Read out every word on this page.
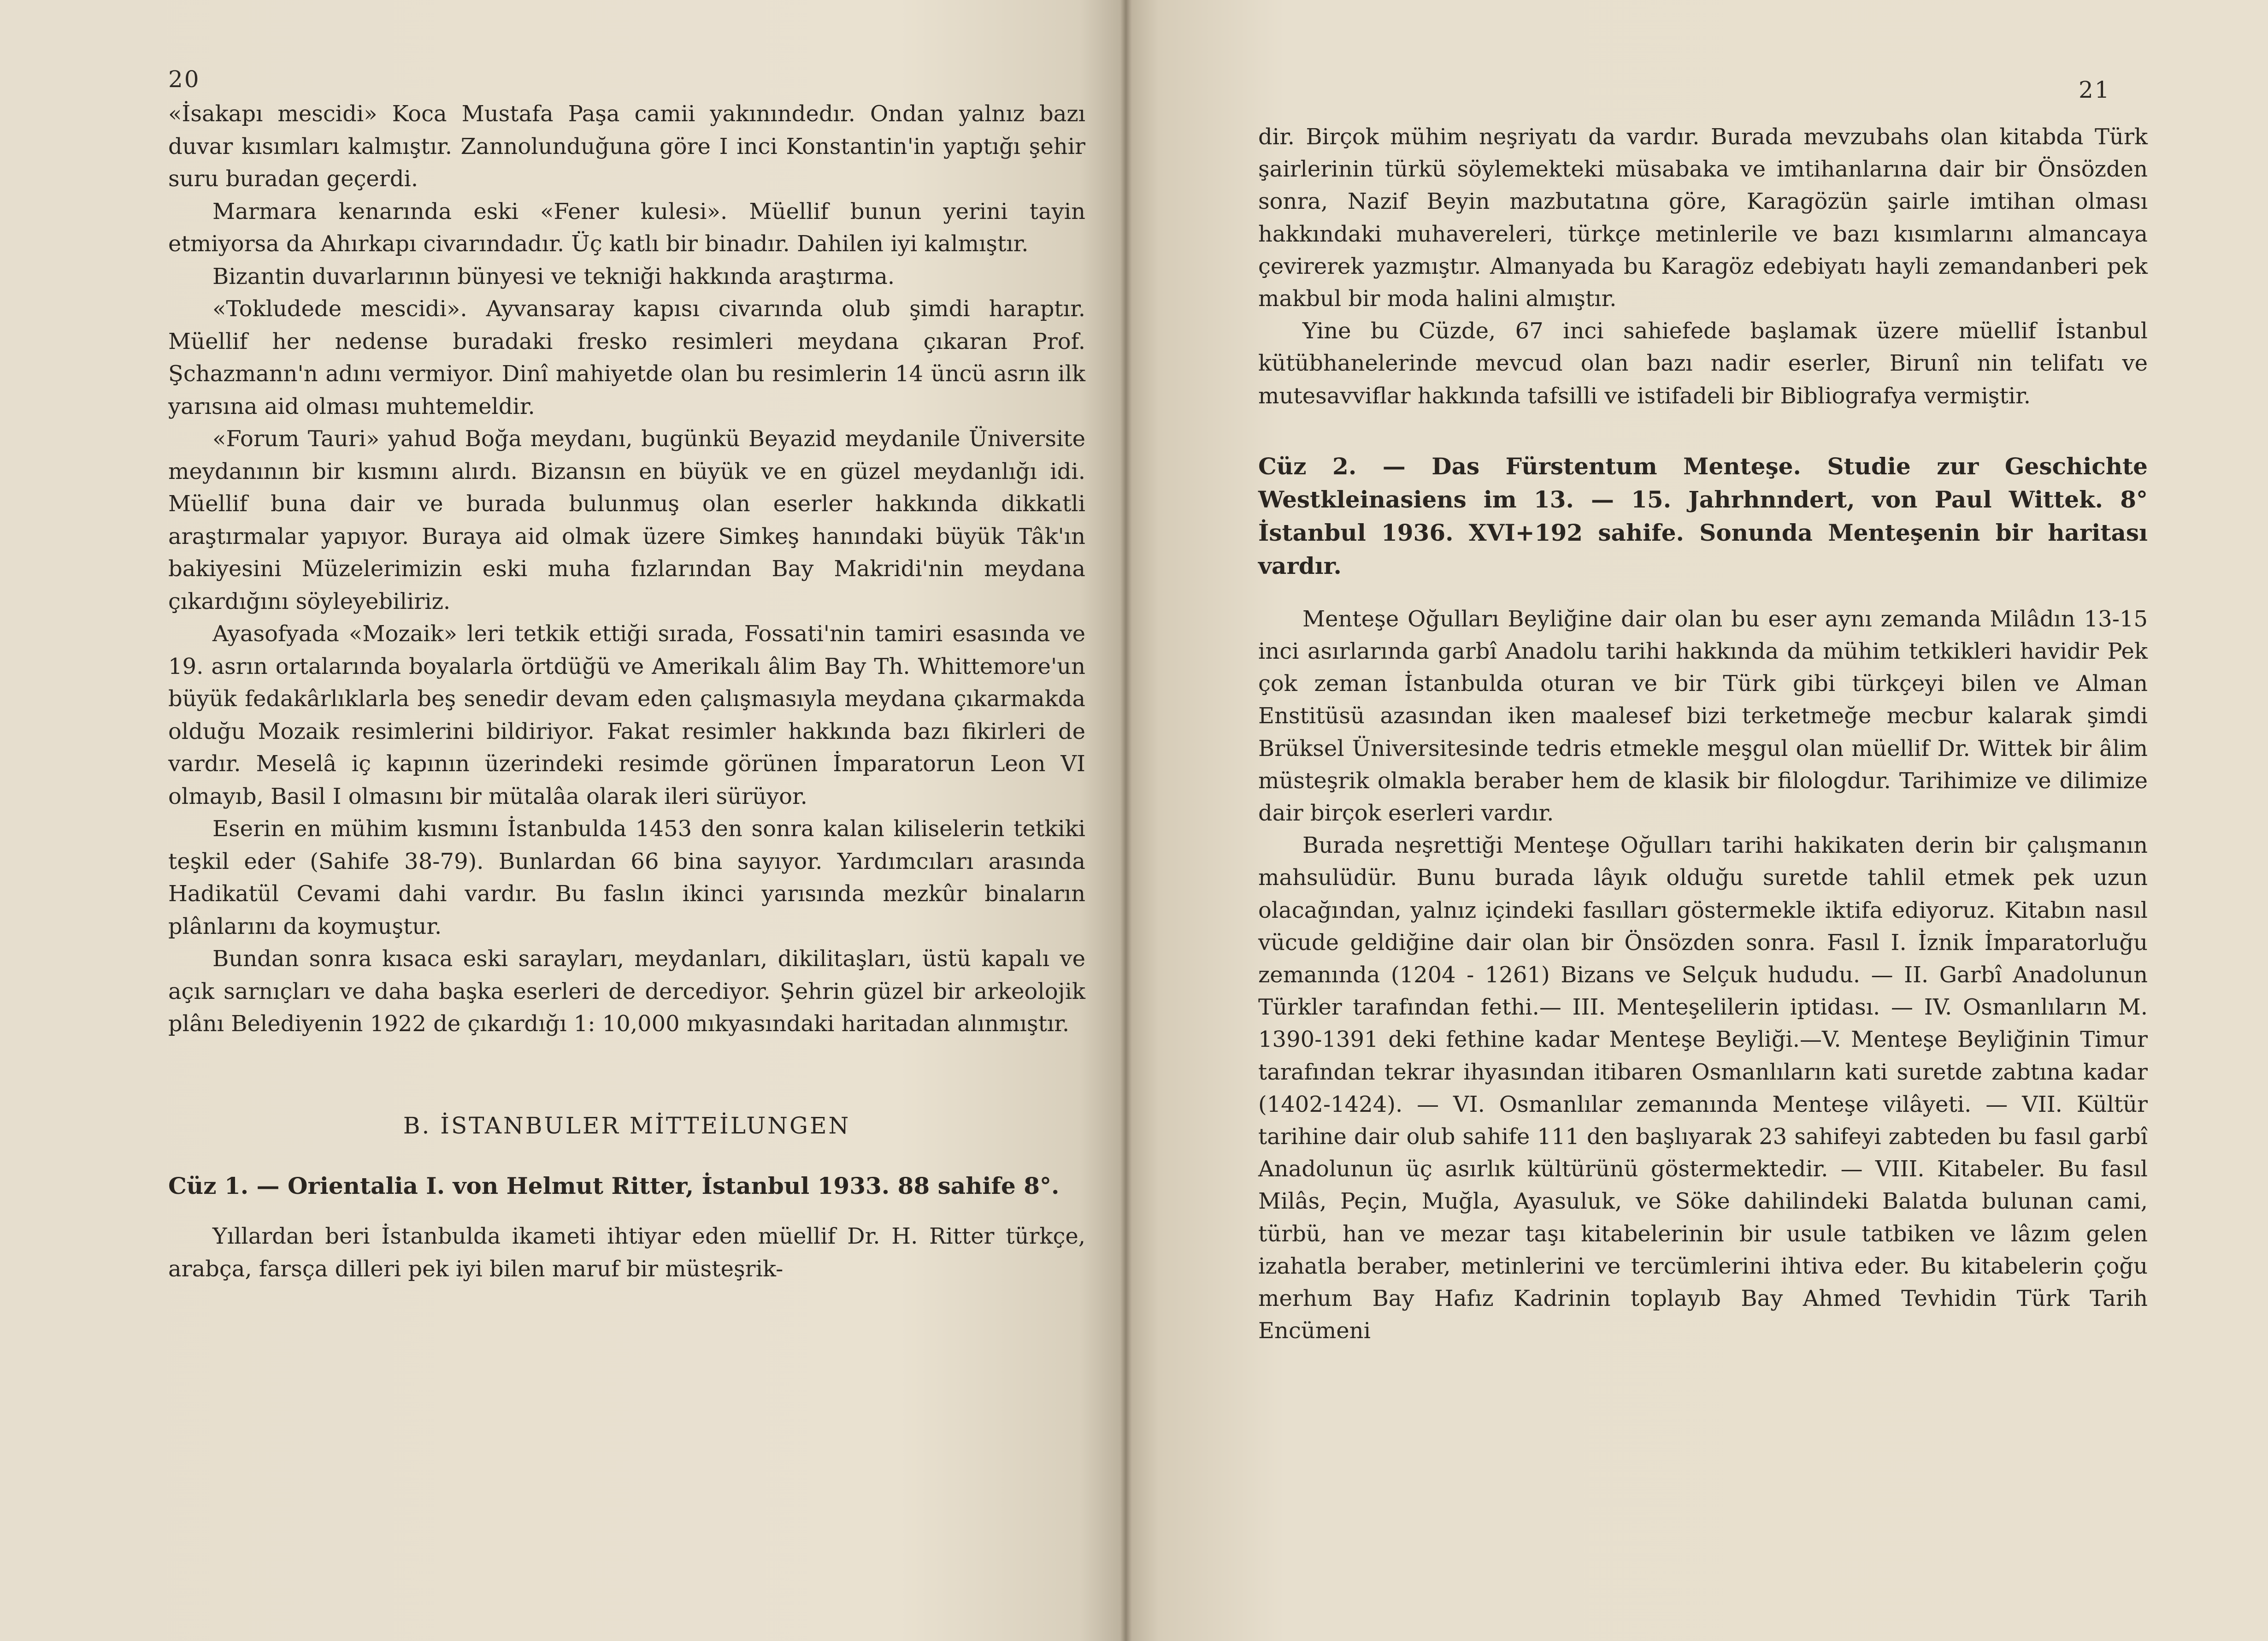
20

«İsakapı mescidi» Koca Mustafa Paşa camii yakınındedır. Ondan yalnız bazı duvar kısımları kalmıştır. Zannolunduğuna göre I inci Konstantin'in yaptığı şehir suru buradan geçerdi.

Marmara kenarında eski «Fener kulesi». Müellif bunun yerini tayin etmiyorsa da Ahırkapı civarındadır. Üç katlı bir binadır. Dahilen iyi kalmıştır.

Bizantin duvarlarının bünyesi ve tekniği hakkında araştırma.

«Tokludede mescidi». Ayvansaray kapısı civarında olub şimdi haraptır. Müellif her nedense buradaki fresko resimleri meydana çıkaran Prof. Şchazmann'n adını vermiyor. Dinî mahiyetde olan bu resimlerin 14 üncü asrın ilk yarısına aid olması muhtemeldir.

«Forum Tauri» yahud Boğa meydanı, bugünkü Beyazid meydanile Üniversite meydanının bir kısmını alırdı. Bizansın en büyük ve en güzel meydanlığı idi. Müellif buna dair ve burada bulunmuş olan eserler hakkında dikkatli araştırmalar yapıyor. Buraya aid olmak üzere Simkeş hanındaki büyük Tâk'ın bakiyesini Müzelerimizin eski muha fızlarından Bay Makridi'nin meydana çıkardığını söyleyebiliriz.

Ayasofyada «Mozaik» leri tetkik ettiği sırada, Fossati'nin tamiri esasında ve 19. asrın ortalarında boyalarla örtdüğü ve Amerikalı âlim Bay Th. Whittemore'un büyük fedakârlıklarla beş senedir devam eden çalışmasıyla meydana çıkarmakda olduğu Mozaik resimlerini bildiriyor. Fakat resimler hakkında bazı fikirleri de vardır. Meselâ iç kapının üzerindeki resimde görünen İmparatorun Leon VI olmayıb, Basil I olmasını bir mütalâa olarak ileri sürüyor.

Eserin en mühim kısmını İstanbulda 1453 den sonra kalan kiliselerin tetkiki teşkil eder (Sahife 38-79). Bunlardan 66 bina sayıyor. Yardımcıları arasında Hadikatül Cevami dahi vardır. Bu faslın ikinci yarısında mezkûr binaların plânlarını da koymuştur.

Bundan sonra kısaca eski sarayları, meydanları, dikilitaşları, üstü kapalı ve açık sarnıçları ve daha başka eserleri de dercediyor. Şehrin güzel bir arkeolojik plânı Belediyenin 1922 de çıkardığı 1: 10,000 mıkyasındaki haritadan alınmıştır.

B. İSTANBULER MİTTEİLUNGEN

Cüz 1. — Orientalia I. von Helmut Ritter, İstanbul 1933. 88 sahife 8°.

Yıllardan beri İstanbulda ikameti ihtiyar eden müellif Dr. H. Ritter türkçe, arabça, farsça dilleri pek iyi bilen maruf bir müsteşrik-

21

dir. Birçok mühim neşriyatı da vardır. Burada mevzubahs olan kitabda Türk şairlerinin türkü söylemekteki müsabaka ve imtihanlarına dair bir Önsözden sonra, Nazif Beyin mazbutatına göre, Karagözün şairle imtihan olması hakkındaki muhavereleri, türkçe metinlerile ve bazı kısımlarını almancaya çevirerek yazmıştır. Almanyada bu Karagöz edebiyatı hayli zemandanberi pek makbul bir moda halini almıştır.

Yine bu Cüzde, 67 inci sahiefede başlamak üzere müellif İstanbul kütübhanelerinde mevcud olan bazı nadir eserler, Birunî nin telifatı ve mutesavviflar hakkında tafsilli ve istifadeli bir Bibliografya vermiştir.

Cüz 2. — Das Fürstentum Menteşe. Studie zur Geschichte Westkleinasiens im 13. — 15. Jahrhnndert, von Paul Wittek. 8° İstanbul 1936. XVI+192 sahife. Sonunda Menteşenin bir haritası vardır.

Menteşe Oğulları Beyliğine dair olan bu eser aynı zemanda Milâdın 13-15 inci asırlarında garbî Anadolu tarihi hakkında da mühim tetkikleri havidir Pek çok zeman İstanbulda oturan ve bir Türk gibi türkçeyi bilen ve Alman Enstitüsü azasından iken maalesef bizi terketmeğe mecbur kalarak şimdi Brüksel Üniversitesinde tedris etmekle meşgul olan müellif Dr. Wittek bir âlim müsteşrik olmakla beraber hem de klasik bir filologdur. Tarihimize ve dilimize dair birçok eserleri vardır.

Burada neşrettiği Menteşe Oğulları tarihi hakikaten derin bir çalışmanın mahsulüdür. Bunu burada lâyık olduğu suretde tahlil etmek pek uzun olacağından, yalnız içindeki fasılları göstermekle iktifa ediyoruz. Kitabın nasıl vücude geldiğine dair olan bir Önsözden sonra. Fasıl I. İznik İmparatorluğu zemanında (1204 - 1261) Bizans ve Selçuk hududu. — II. Garbî Anadolunun Türkler tarafından fethi.— III. Menteşelilerin iptidası. — IV. Osmanlıların M. 1390-1391 deki fethine kadar Menteşe Beyliği.—V. Menteşe Beyliğinin Timur tarafından tekrar ihyasından itibaren Osmanlıların kati suretde zabtına kadar (1402-1424). — VI. Osmanlılar zemanında Menteşe vilâyeti. — VII. Kültür tarihine dair olub sahife 111 den başlıyarak 23 sahifeyi zabteden bu fasıl garbî Anadolunun üç asırlık kültürünü göstermektedir. — VIII. Kitabeler. Bu fasıl Milâs, Peçin, Muğla, Ayasuluk, ve Söke dahilindeki Balatda bulunan cami, türbü, han ve mezar taşı kitabelerinin bir usule tatbiken ve lâzım gelen izahatla beraber, metinlerini ve tercümlerini ihtiva eder. Bu kitabelerin çoğu merhum Bay Hafız Kadrinin toplayıb Bay Ahmed Tevhidin Türk Tarih Encümeni
